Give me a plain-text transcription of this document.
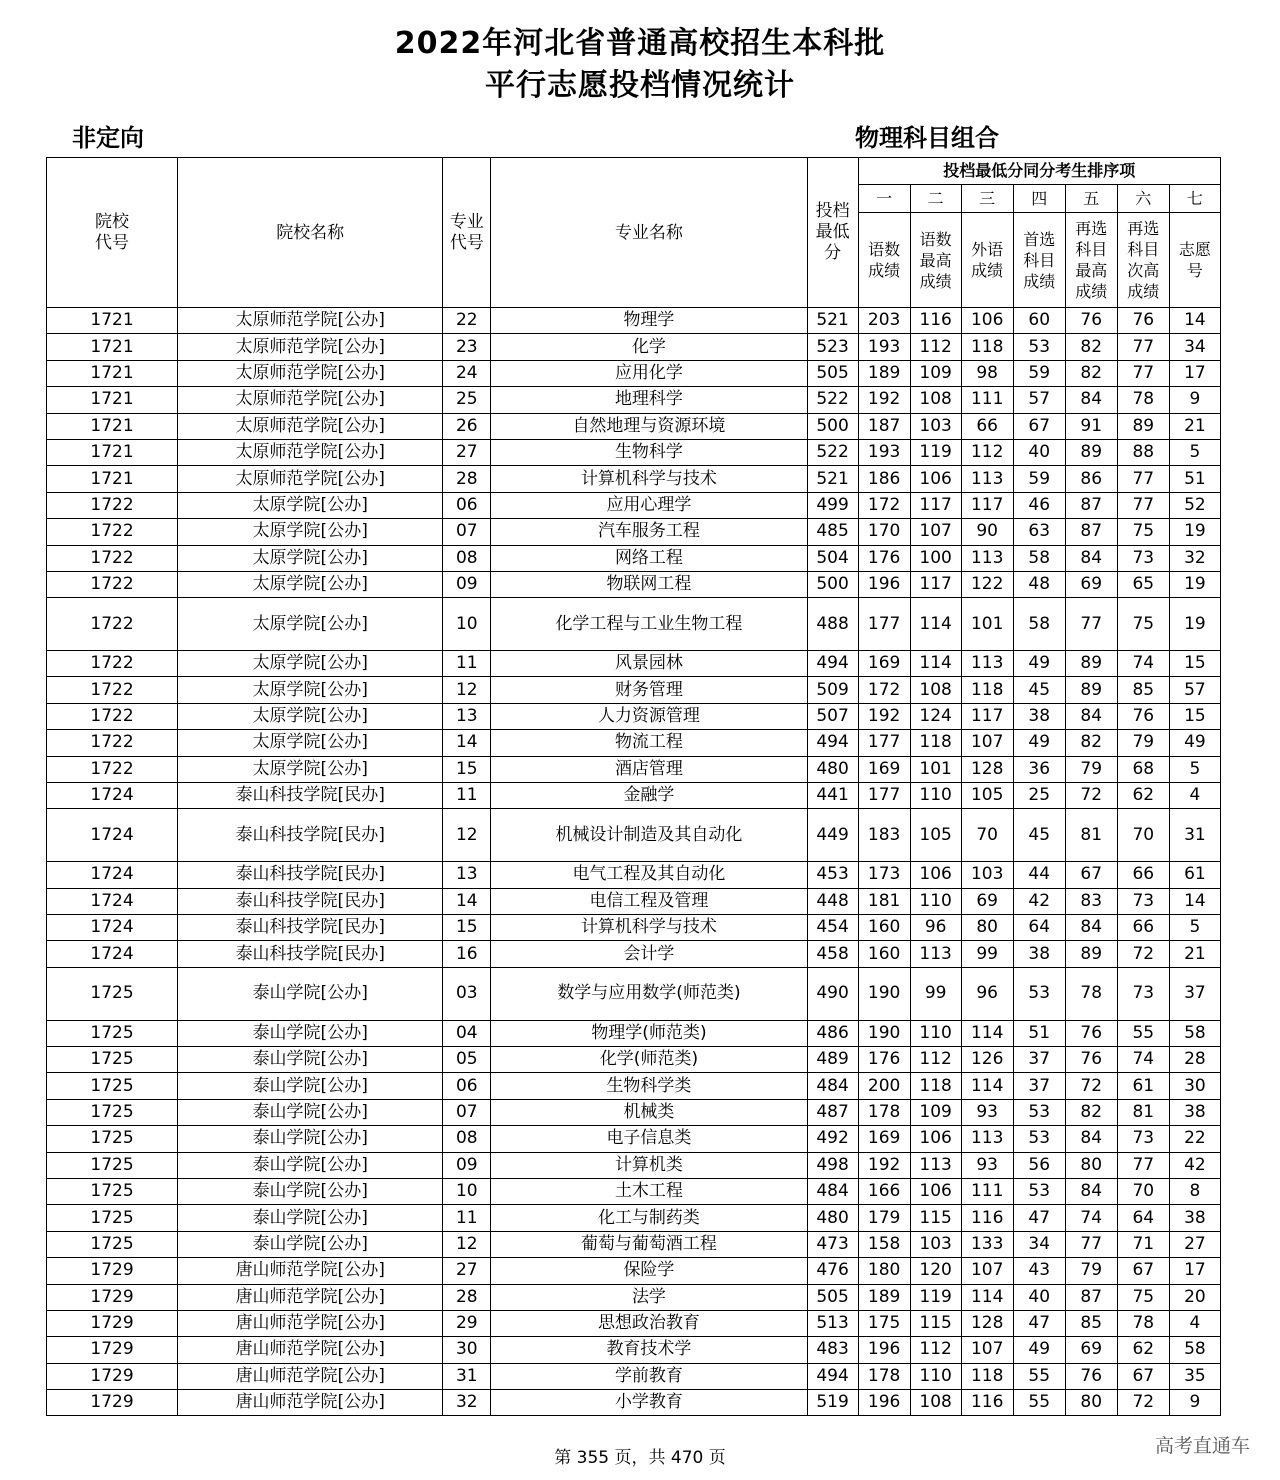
2022年河北省普通高校招生本科批
平行志愿投档情况统计
非定向	物理科目组合
院校代号	院校名称	专业代号	专业名称	投档最低分	投档最低分同分考生排序项						
					一	二	三	四	五	六	七

					语数成绩	语数最高成绩	外语成绩	首选科目成绩	再选科目最高成绩	再选科目次高成绩	志愿号

1721	太原师范学院[公办]	22	物理学	521	203	116	106	60	76	76	14
1721	太原师范学院[公办]	23	化学	523	193	112	118	53	82	77	34
1721	太原师范学院[公办]	24	应用化学	505	189	109	98	59	82	77	17
1721	太原师范学院[公办]	25	地理科学	522	192	108	111	57	84	78	9
1721	太原师范学院[公办]	26	自然地理与资源环境	500	187	103	66	67	91	89	21
1721	太原师范学院[公办]	27	生物科学	522	193	119	112	40	89	88	5
1721	太原师范学院[公办]	28	计算机科学与技术	521	186	106	113	59	86	77	51
1722	太原学院[公办]	06	应用心理学	499	172	117	117	46	87	77	52
1722	太原学院[公办]	07	汽车服务工程	485	170	107	90	63	87	75	19
1722	太原学院[公办]	08	网络工程	504	176	100	113	58	84	73	32
1722	太原学院[公办]	09	物联网工程	500	196	117	122	48	69	65	19
1722	太原学院[公办]	10	化学工程与工业生物工程	488	177	114	101	58	77	75	19
1722	太原学院[公办]	11	风景园林	494	169	114	113	49	89	74	15
1722	太原学院[公办]	12	财务管理	509	172	108	118	45	89	85	57
1722	太原学院[公办]	13	人力资源管理	507	192	124	117	38	84	76	15
1722	太原学院[公办]	14	物流工程	494	177	118	107	49	82	79	49
1722	太原学院[公办]	15	酒店管理	480	169	101	128	36	79	68	5
1724	泰山科技学院[民办]	11	金融学	441	177	110	105	25	72	62	4
1724	泰山科技学院[民办]	12	机械设计制造及其自动化	449	183	105	70	45	81	70	31
1724	泰山科技学院[民办]	13	电气工程及其自动化	453	173	106	103	44	67	66	61
1724	泰山科技学院[民办]	14	电信工程及管理	448	181	110	69	42	83	73	14
1724	泰山科技学院[民办]	15	计算机科学与技术	454	160	96	80	64	84	66	5
1724	泰山科技学院[民办]	16	会计学	458	160	113	99	38	89	72	21
1725	泰山学院[公办]	03	数学与应用数学(师范类)	490	190	99	96	53	78	73	37
1725	泰山学院[公办]	04	物理学(师范类)	486	190	110	114	51	76	55	58
1725	泰山学院[公办]	05	化学(师范类)	489	176	112	126	37	76	74	28
1725	泰山学院[公办]	06	生物科学类	484	200	118	114	37	72	61	30
1725	泰山学院[公办]	07	机械类	487	178	109	93	53	82	81	38
1725	泰山学院[公办]	08	电子信息类	492	169	106	113	53	84	73	22
1725	泰山学院[公办]	09	计算机类	498	192	113	93	56	80	77	42
1725	泰山学院[公办]	10	土木工程	484	166	106	111	53	84	70	8
1725	泰山学院[公办]	11	化工与制药类	480	179	115	116	47	74	64	38
1725	泰山学院[公办]	12	葡萄与葡萄酒工程	473	158	103	133	34	77	71	27
1729	唐山师范学院[公办]	27	保险学	476	180	120	107	43	79	67	17
1729	唐山师范学院[公办]	28	法学	505	189	119	114	40	87	75	20
1729	唐山师范学院[公办]	29	思想政治教育	513	175	115	128	47	85	78	4
1729	唐山师范学院[公办]	30	教育技术学	483	196	112	107	49	69	62	58
1729	唐山师范学院[公办]	31	学前教育	494	178	110	118	55	76	67	35
1729	唐山师范学院[公办]	32	小学教育	519	196	108	116	55	80	72	9
第 355 页，共 470 页
高考直通车
